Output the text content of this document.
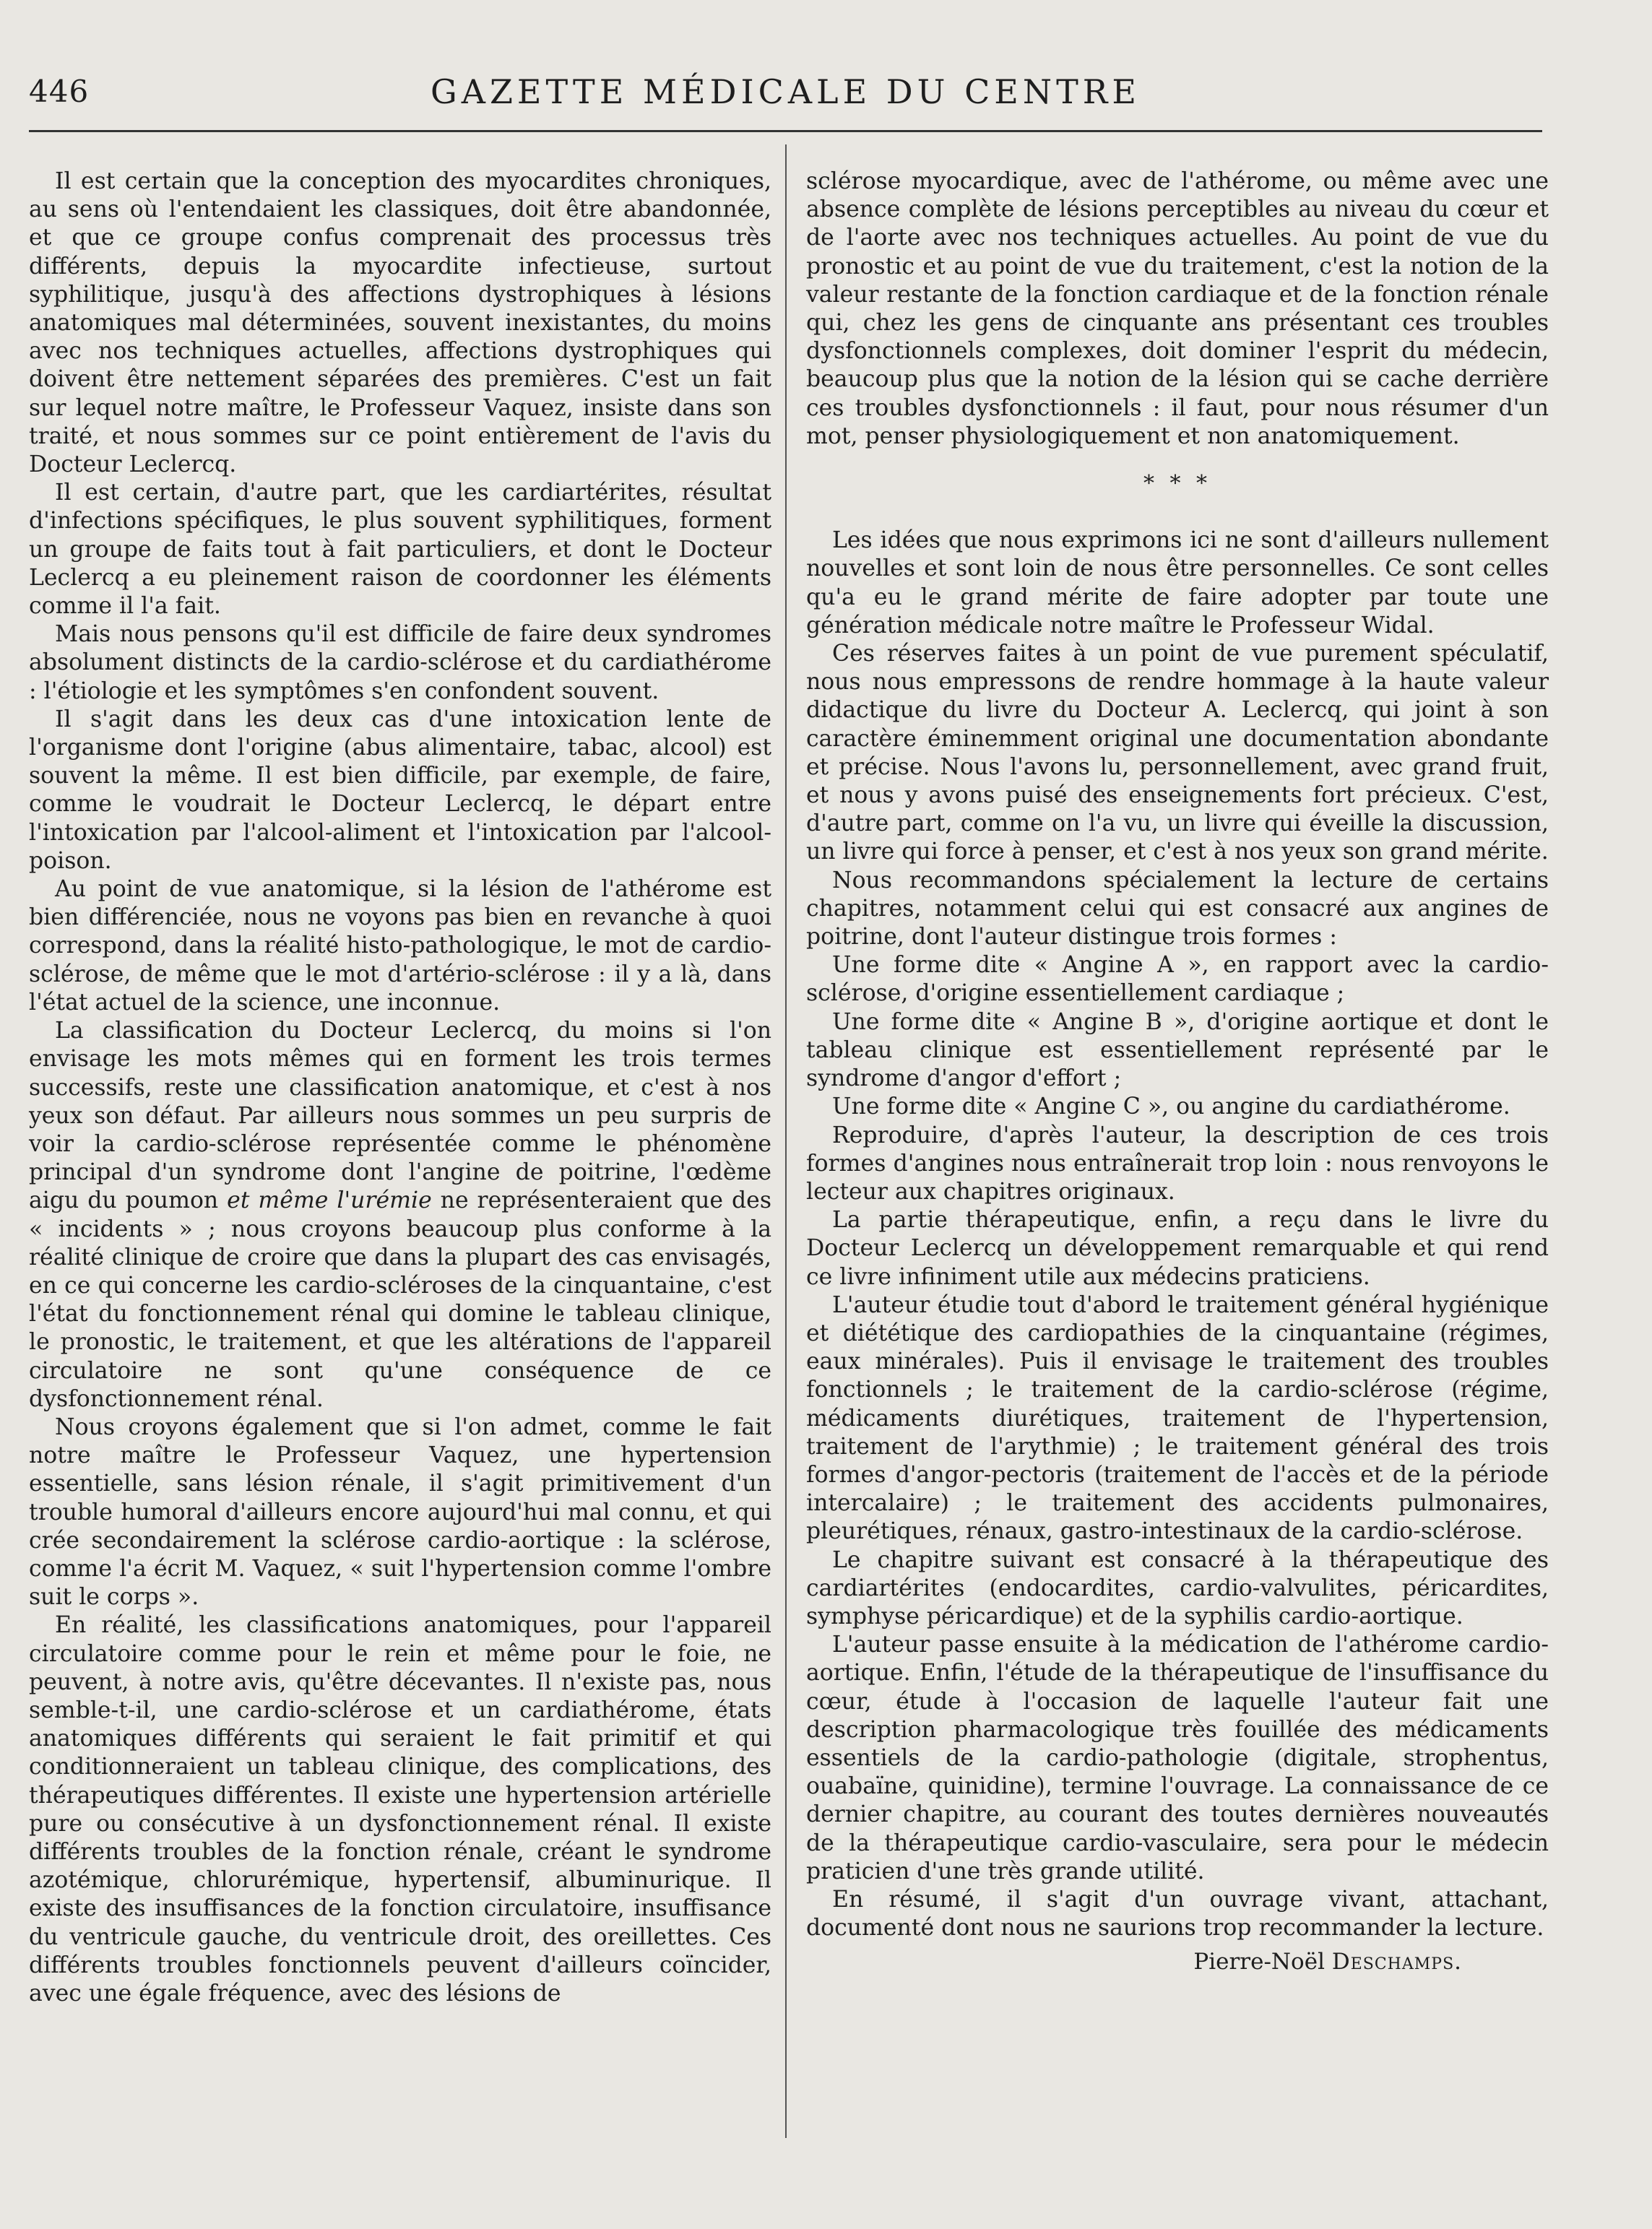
446	GAZETTE MÉDICALE DU CENTRE

Il est certain que la conception des myocardites chroniques, au sens où l'entendaient les classiques, doit être abandonnée, et que ce groupe confus comprenait des processus très différents, depuis la myocardite infectieuse, surtout syphilitique, jusqu'à des affections dystrophiques à lésions anatomiques mal déterminées, souvent inexistantes, du moins avec nos techniques actuelles, affections dystrophiques qui doivent être nettement séparées des premières. C'est un fait sur lequel notre maître, le Professeur Vaquez, insiste dans son traité, et nous sommes sur ce point entièrement de l'avis du Docteur Leclercq.

Il est certain, d'autre part, que les cardiartérites, résultat d'infections spécifiques, le plus souvent syphilitiques, forment un groupe de faits tout à fait particuliers, et dont le Docteur Leclercq a eu pleinement raison de coordonner les éléments comme il l'a fait.

Mais nous pensons qu'il est difficile de faire deux syndromes absolument distincts de la cardio-sclérose et du cardiathérome : l'étiologie et les symptômes s'en confondent souvent.

Il s'agit dans les deux cas d'une intoxication lente de l'organisme dont l'origine (abus alimentaire, tabac, alcool) est souvent la même. Il est bien difficile, par exemple, de faire, comme le voudrait le Docteur Leclercq, le départ entre l'intoxication par l'alcool-aliment et l'intoxication par l'alcool-poison.

Au point de vue anatomique, si la lésion de l'athérome est bien différenciée, nous ne voyons pas bien en revanche à quoi correspond, dans la réalité histo-pathologique, le mot de cardio-sclérose, de même que le mot d'artério-sclérose : il y a là, dans l'état actuel de la science, une inconnue.

La classification du Docteur Leclercq, du moins si l'on envisage les mots mêmes qui en forment les trois termes successifs, reste une classification anatomique, et c'est à nos yeux son défaut. Par ailleurs nous sommes un peu surpris de voir la cardio-sclérose représentée comme le phénomène principal d'un syndrome dont l'angine de poitrine, l'œdème aigu du poumon et même l'urémie ne représenteraient que des « incidents » ; nous croyons beaucoup plus conforme à la réalité clinique de croire que dans la plupart des cas envisagés, en ce qui concerne les cardio-scléroses de la cinquantaine, c'est l'état du fonctionnement rénal qui domine le tableau clinique, le pronostic, le traitement, et que les altérations de l'appareil circulatoire ne sont qu'une conséquence de ce dysfonctionnement rénal.

Nous croyons également que si l'on admet, comme le fait notre maître le Professeur Vaquez, une hypertension essentielle, sans lésion rénale, il s'agit primitivement d'un trouble humoral d'ailleurs encore aujourd'hui mal connu, et qui crée secondairement la sclérose cardio-aortique : la sclérose, comme l'a écrit M. Vaquez, « suit l'hypertension comme l'ombre suit le corps ».

En réalité, les classifications anatomiques, pour l'appareil circulatoire comme pour le rein et même pour le foie, ne peuvent, à notre avis, qu'être décevantes. Il n'existe pas, nous semble-t-il, une cardio-sclérose et un cardiathérome, états anatomiques différents qui seraient le fait primitif et qui conditionneraient un tableau clinique, des complications, des thérapeutiques différentes. Il existe une hypertension artérielle pure ou consécutive à un dysfonctionnement rénal. Il existe différents troubles de la fonction rénale, créant le syndrome azotémique, chlorurémique, hypertensif, albuminurique. Il existe des insuffisances de la fonction circulatoire, insuffisance du ventricule gauche, du ventricule droit, des oreillettes. Ces différents troubles fonctionnels peuvent d'ailleurs coïncider, avec une égale fréquence, avec des lésions de

sclérose myocardique, avec de l'athérome, ou même avec une absence complète de lésions perceptibles au niveau du cœur et de l'aorte avec nos techniques actuelles. Au point de vue du pronostic et au point de vue du traitement, c'est la notion de la valeur restante de la fonction cardiaque et de la fonction rénale qui, chez les gens de cinquante ans présentant ces troubles dysfonctionnels complexes, doit dominer l'esprit du médecin, beaucoup plus que la notion de la lésion qui se cache derrière ces troubles dysfonctionnels : il faut, pour nous résumer d'un mot, penser physiologiquement et non anatomiquement.

* * *

Les idées que nous exprimons ici ne sont d'ailleurs nullement nouvelles et sont loin de nous être personnelles. Ce sont celles qu'a eu le grand mérite de faire adopter par toute une génération médicale notre maître le Professeur Widal.

Ces réserves faites à un point de vue purement spéculatif, nous nous empressons de rendre hommage à la haute valeur didactique du livre du Docteur A. Leclercq, qui joint à son caractère éminemment original une documentation abondante et précise. Nous l'avons lu, personnellement, avec grand fruit, et nous y avons puisé des enseignements fort précieux. C'est, d'autre part, comme on l'a vu, un livre qui éveille la discussion, un livre qui force à penser, et c'est à nos yeux son grand mérite.

Nous recommandons spécialement la lecture de certains chapitres, notamment celui qui est consacré aux angines de poitrine, dont l'auteur distingue trois formes :

Une forme dite « Angine A », en rapport avec la cardio-sclérose, d'origine essentiellement cardiaque ;

Une forme dite « Angine B », d'origine aortique et dont le tableau clinique est essentiellement représenté par le syndrome d'angor d'effort ;

Une forme dite « Angine C », ou angine du cardiathérome.

Reproduire, d'après l'auteur, la description de ces trois formes d'angines nous entraînerait trop loin : nous renvoyons le lecteur aux chapitres originaux.

La partie thérapeutique, enfin, a reçu dans le livre du Docteur Leclercq un développement remarquable et qui rend ce livre infiniment utile aux médecins praticiens.

L'auteur étudie tout d'abord le traitement général hygiénique et diététique des cardiopathies de la cinquantaine (régimes, eaux minérales). Puis il envisage le traitement des troubles fonctionnels ; le traitement de la cardio-sclérose (régime, médicaments diurétiques, traitement de l'hypertension, traitement de l'arythmie) ; le traitement général des trois formes d'angor-pectoris (traitement de l'accès et de la période intercalaire) ; le traitement des accidents pulmonaires, pleurétiques, rénaux, gastro-intestinaux de la cardio-sclérose.

Le chapitre suivant est consacré à la thérapeutique des cardiartérites (endocardites, cardio-valvulites, péricardites, symphyse péricardique) et de la syphilis cardio-aortique.

L'auteur passe ensuite à la médication de l'athérome cardio-aortique. Enfin, l'étude de la thérapeutique de l'insuffisance du cœur, étude à l'occasion de laquelle l'auteur fait une description pharmacologique très fouillée des médicaments essentiels de la cardio-pathologie (digitale, strophentus, ouabaïne, quinidine), termine l'ouvrage. La connaissance de ce dernier chapitre, au courant des toutes dernières nouveautés de la thérapeutique cardio-vasculaire, sera pour le médecin praticien d'une très grande utilité.

En résumé, il s'agit d'un ouvrage vivant, attachant, documenté dont nous ne saurions trop recommander la lecture.

Pierre-Noël Deschamps.
